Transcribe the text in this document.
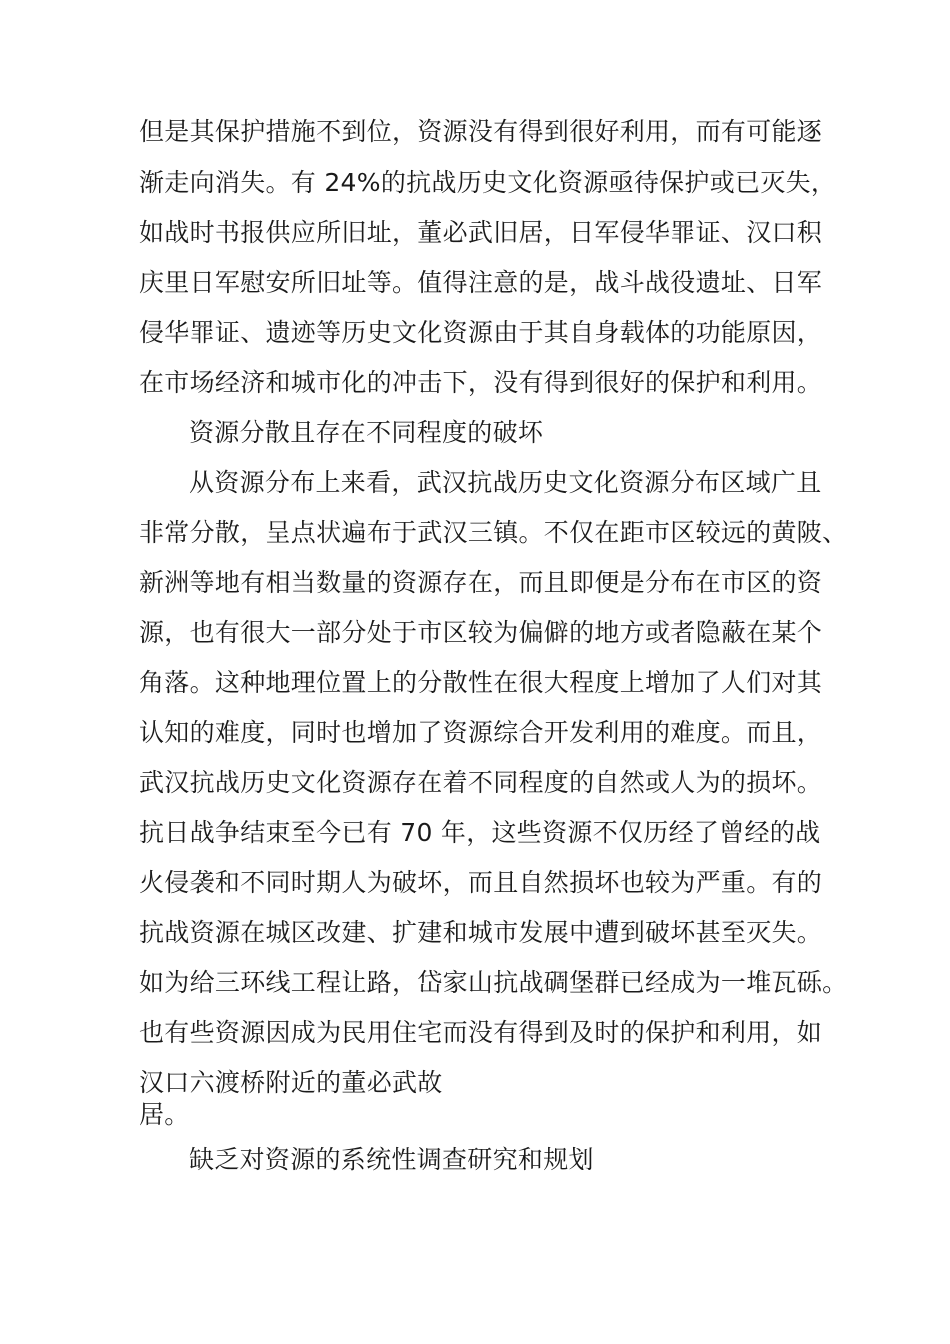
但是其保护措施不到位，资源没有得到很好利用，而有可能逐
渐走向消失。有 24%的抗战历史文化资源亟待保护或已灭失，
如战时书报供应所旧址，董必武旧居，日军侵华罪证、汉口积
庆里日军慰安所旧址等。值得注意的是，战斗战役遗址、日军
侵华罪证、遗迹等历史文化资源由于其自身载体的功能原因，
在市场经济和城市化的冲击下，没有得到很好的保护和利用。
资源分散且存在不同程度的破坏
从资源分布上来看，武汉抗战历史文化资源分布区域广且
非常分散，呈点状遍布于武汉三镇。不仅在距市区较远的黄陂、
新洲等地有相当数量的资源存在，而且即便是分布在市区的资
源，也有很大一部分处于市区较为偏僻的地方或者隐蔽在某个
角落。这种地理位置上的分散性在很大程度上增加了人们对其
认知的难度，同时也增加了资源综合开发利用的难度。而且，
武汉抗战历史文化资源存在着不同程度的自然或人为的损坏。
抗日战争结束至今已有 70 年，这些资源不仅历经了曾经的战
火侵袭和不同时期人为破坏，而且自然损坏也较为严重。有的
抗战资源在城区改建、扩建和城市发展中遭到破坏甚至灭失。
如为给三环线工程让路，岱家山抗战碉堡群已经成为一堆瓦砾。
也有些资源因成为民用住宅而没有得到及时的保护和利用，如
汉口六渡桥附近的董必武故
居。
缺乏对资源的系统性调查研究和规划
